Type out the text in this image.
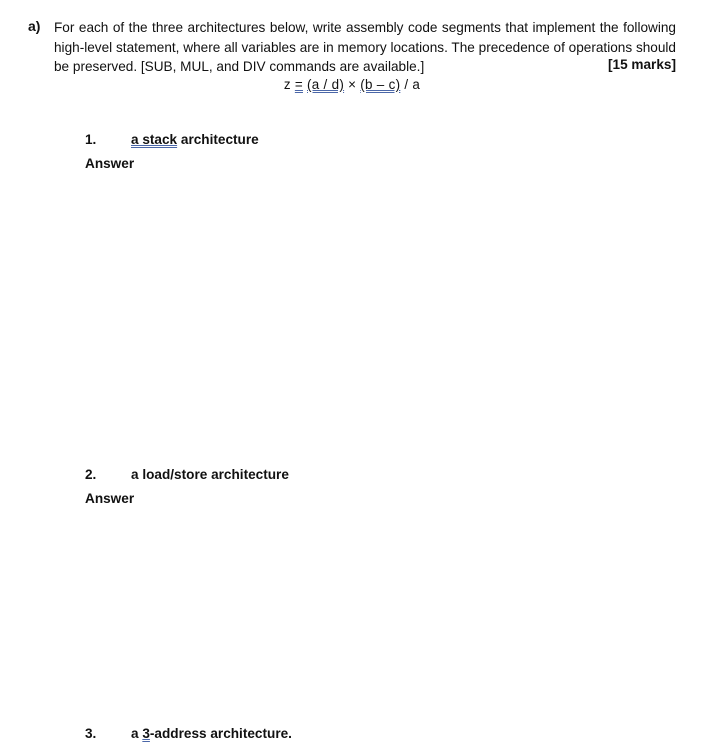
a) For each of the three architectures below, write assembly code segments that implement the following high-level statement, where all variables are in memory locations. The precedence of operations should be preserved. [SUB, MUL, and DIV commands are available.]	[15 marks]
z = (a / d) × (b – c) / a
1.	a stack architecture
Answer
2.	a load/store architecture
Answer
3.	a 3-address architecture.
